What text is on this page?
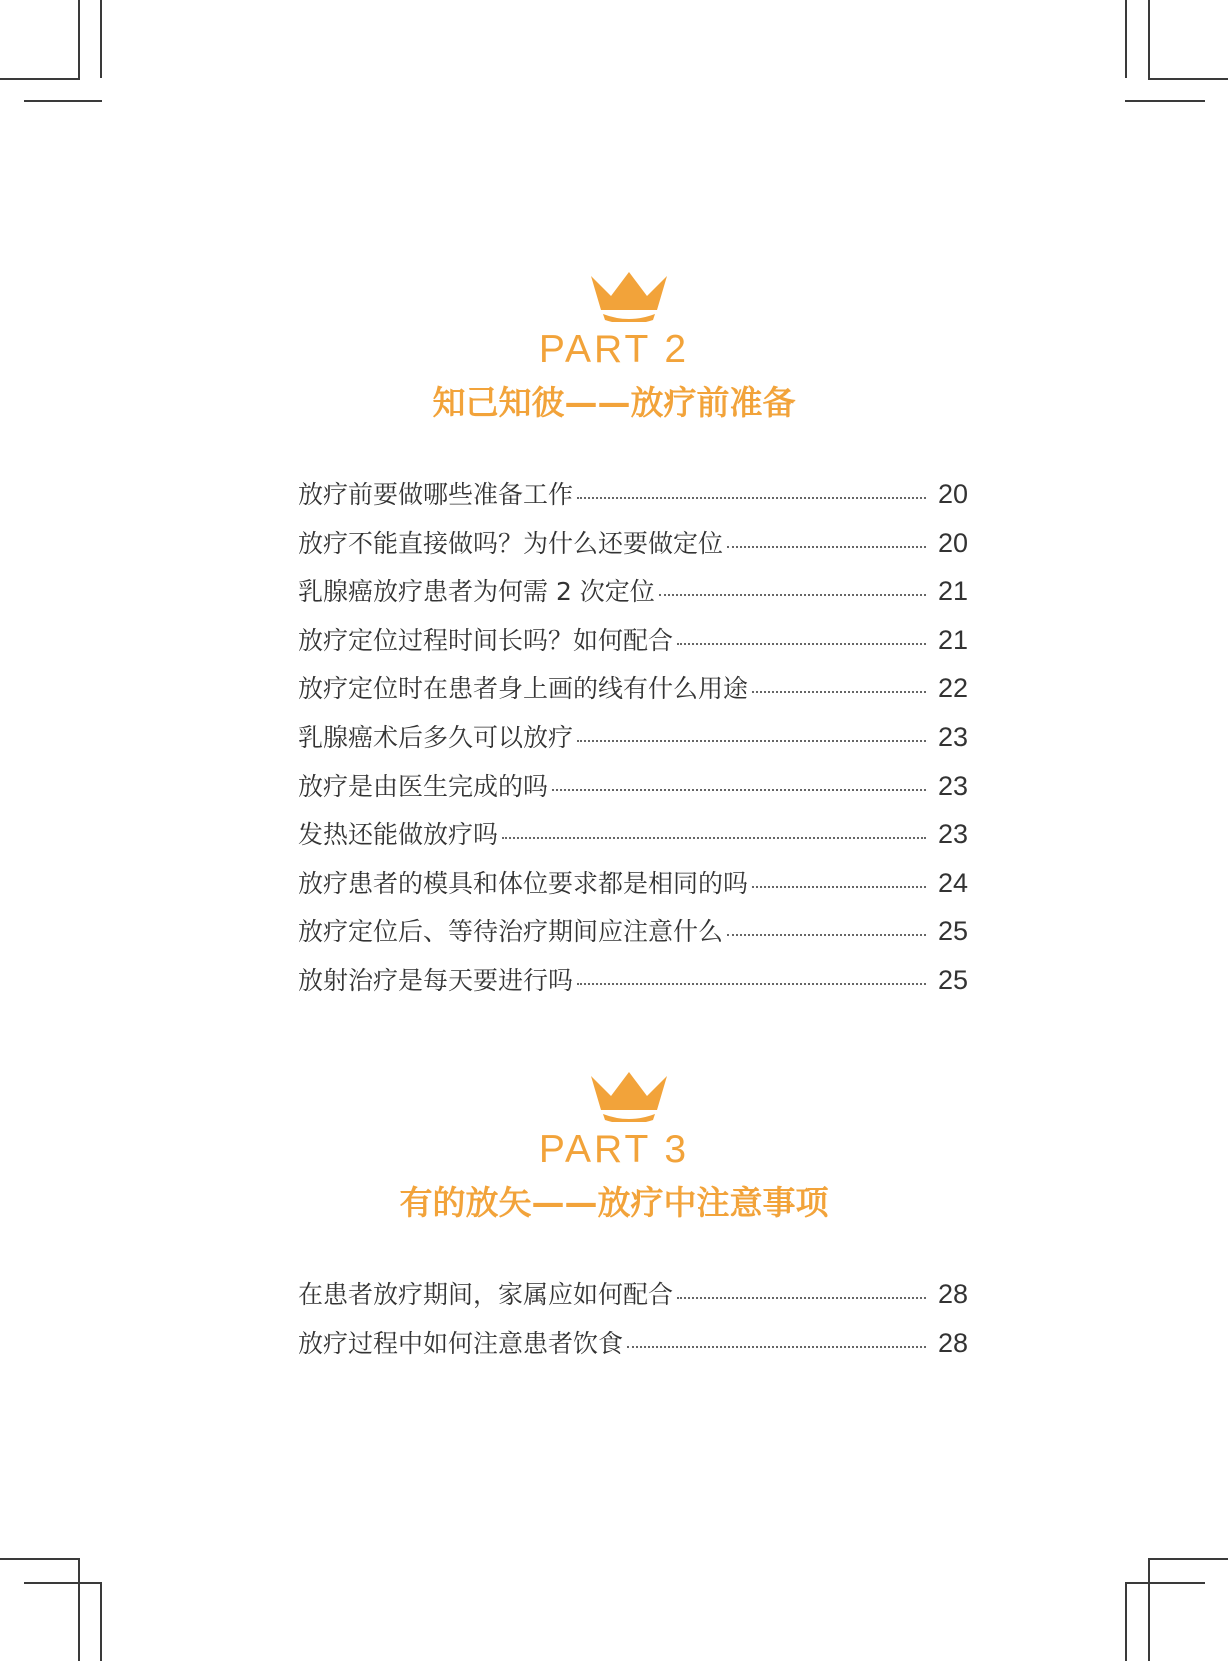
PART 2
知己知彼——放疗前准备
放疗前要做哪些准备工作	20
放疗不能直接做吗？为什么还要做定位	20
乳腺癌放疗患者为何需 2 次定位	21
放疗定位过程时间长吗？如何配合	21
放疗定位时在患者身上画的线有什么用途	22
乳腺癌术后多久可以放疗	23
放疗是由医生完成的吗	23
发热还能做放疗吗	23
放疗患者的模具和体位要求都是相同的吗	24
放疗定位后、等待治疗期间应注意什么	25
放射治疗是每天要进行吗	25
PART 3
有的放矢——放疗中注意事项
在患者放疗期间，家属应如何配合	28
放疗过程中如何注意患者饮食	28
